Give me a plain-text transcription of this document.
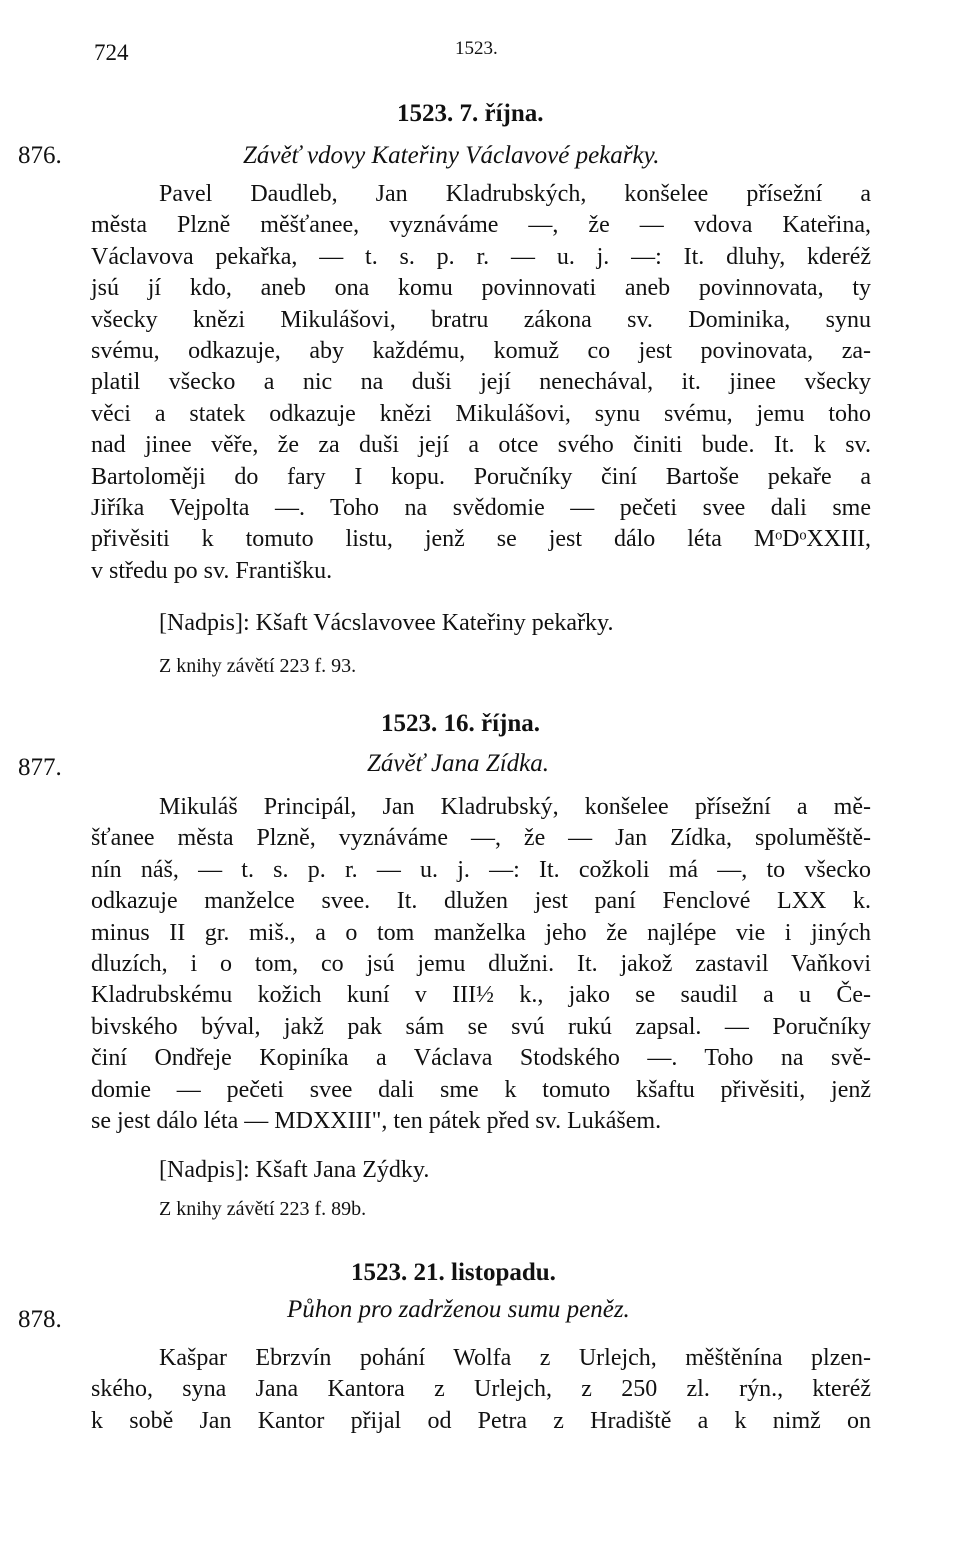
724	1523.
1523. 7. října.
876.	Závěť vdovy Kateřiny Václavové pekařky.
Pavel Daudleb, Jan Kladrubských, konšelee přísežní a
města Plzně měšťanee, vyznáváme —, že — vdova Kateřina,
Václavova pekařka, — t. s. p. r. — u. j. —: It. dluhy, kderéž
jsú jí kdo, aneb ona komu povinnovati aneb povinnovata, ty
všecky knězi Mikulášovi, bratru zákona sv. Dominika, synu
svému, odkazuje, aby každému, komuž co jest povinovata, za-
platil všecko a nic na duši její nenechával, it. jinee všecky
věci a statek odkazuje knězi Mikulášovi, synu svému, jemu toho
nad jinee věře, že za duši její a otce svého činiti bude. It. k sv.
Bartoloměji do fary I kopu. Poručníky činí Bartoše pekaře a
Jiříka Vejpolta —. Toho na svědomie — pečeti svee dali sme
přivěsiti k tomuto listu, jenž se jest dálo léta MᵒDᵒXXIII,
v středu po sv. Františku.
[Nadpis]: Kšaft Vácslavovee Kateřiny pekařky.
Z knihy závětí 223 f. 93.
1523. 16. října.
877.	Závěť Jana Zídka.
Mikuláš Principál, Jan Kladrubský, konšelee přísežní a mě-
šťanee města Plzně, vyznáváme —, že — Jan Zídka, spoluměště-
nín náš, — t. s. p. r. — u. j. —: It. cožkoli má —, to všecko
odkazuje manželce svee. It. dlužen jest paní Fenclové LXX k.
minus II gr. miš., a o tom manželka jeho že najlépe vie i jiných
dluzích, i o tom, co jsú jemu dlužni. It. jakož zastavil Vaňkovi
Kladrubskému kožich kuní v III½ k., jako se saudil a u Če-
bivského býval, jakž pak sám se svú rukú zapsal. — Poručníky
činí Ondřeje Kopiníka a Václava Stodského —. Toho na svě-
domie — pečeti svee dali sme k tomuto kšaftu přivěsiti, jenž
se jest dálo léta — MDXXIII", ten pátek před sv. Lukášem.
[Nadpis]: Kšaft Jana Zýdky.
Z knihy závětí 223 f. 89b.
1523. 21. listopadu.
878.	Půhon pro zadrženou sumu peněz.
Kašpar Ebrzvín pohání Wolfa z Urlejch, měštěnína plzen-
ského, syna Jana Kantora z Urlejch, z 250 zl. rýn., kteréž
k sobě Jan Kantor přijal od Petra z Hradiště a k nimž on
